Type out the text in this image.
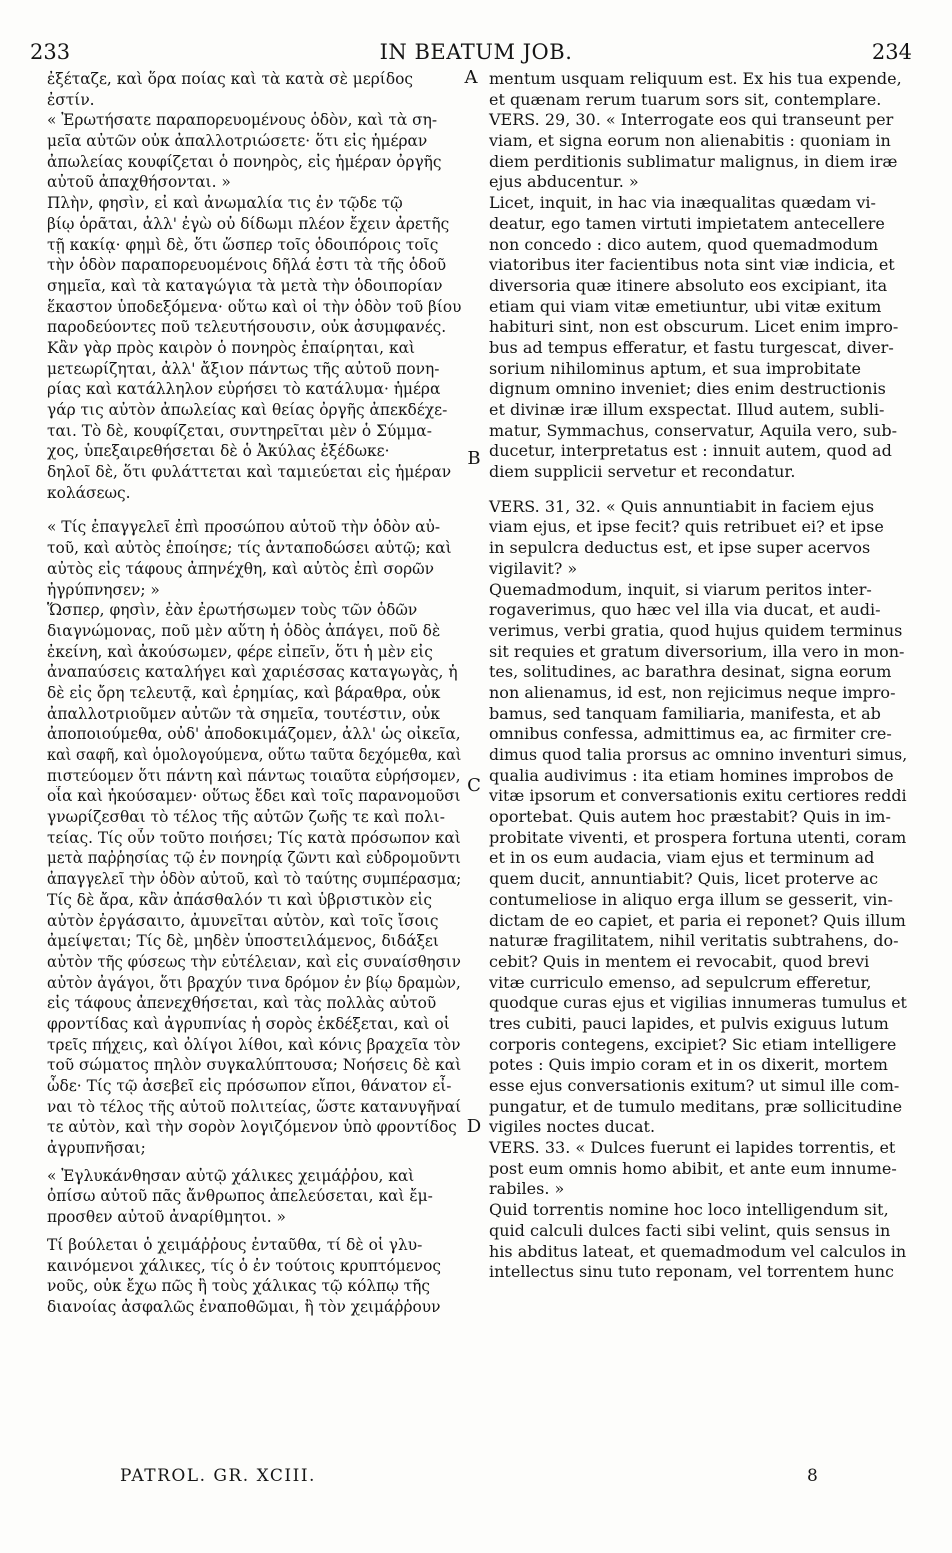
233	IN BEATUM JOB.	234
ἐξέταζε, καὶ ὅρα ποίας καὶ τὰ κατὰ σὲ μερίδος
ἐστίν.
« Ἐρωτήσατε παραπορευομένους ὁδὸν, καὶ τὰ ση-
μεῖα αὐτῶν οὐκ ἀπαλλοτριώσετε· ὅτι εἰς ἡμέραν
ἀπωλείας κουφίζεται ὁ πονηρὸς, εἰς ἡμέραν ὀργῆς
αὐτοῦ ἀπαχθήσονται. »
Πλὴν, φησὶν, εἰ καὶ ἀνωμαλία τις ἐν τῷδε τῷ
βίῳ ὁρᾶται, ἀλλ' ἐγὼ οὐ δίδωμι πλέον ἔχειν ἀρετῆς
τῇ κακίᾳ· φημὶ δὲ, ὅτι ὥσπερ τοῖς ὁδοιπόροις τοῖς
τὴν ὁδὸν παραπορευομένοις δῆλά ἐστι τὰ τῆς ὁδοῦ
σημεῖα, καὶ τὰ καταγώγια τὰ μετὰ τὴν ὁδοιπορίαν
ἕκαστον ὑποδεξόμενα· οὕτω καὶ οἱ τὴν ὁδὸν τοῦ βίου
παροδεύοντες ποῦ τελευτήσουσιν, οὐκ ἀσυμφανές.
Κἂν γὰρ πρὸς καιρὸν ὁ πονηρὸς ἐπαίρηται, καὶ
μετεωρίζηται, ἀλλ' ἄξιον πάντως τῆς αὐτοῦ πονη-
ρίας καὶ κατάλληλον εὑρήσει τὸ κατάλυμα· ἡμέρα
γάρ τις αὐτὸν ἀπωλείας καὶ θείας ὀργῆς ἀπεκδέχε-
ται. Τὸ δὲ, κουφίζεται, συντηρεῖται μὲν ὁ Σύμμα-
χος, ὑπεξαιρεθήσεται δὲ ὁ Ἀκύλας ἐξέδωκε·
δηλοῖ δὲ, ὅτι φυλάττεται καὶ ταμιεύεται εἰς ἡμέραν
κολάσεως.
« Τίς ἐπαγγελεῖ ἐπὶ προσώπου αὐτοῦ τὴν ὁδὸν αὐ-
τοῦ, καὶ αὐτὸς ἐποίησε; τίς ἀνταποδώσει αὐτῷ; καὶ
αὐτὸς εἰς τάφους ἀπηνέχθη, καὶ αὐτὸς ἐπὶ σορῶν
ἠγρύπνησεν; »
Ὥσπερ, φησὶν, ἐὰν ἐρωτήσωμεν τοὺς τῶν ὁδῶν
διαγνώμονας, ποῦ μὲν αὕτη ἡ ὁδὸς ἀπάγει, ποῦ δὲ
ἐκείνη, καὶ ἀκούσωμεν, φέρε εἰπεῖν, ὅτι ἡ μὲν εἰς
ἀναπαύσεις καταλήγει καὶ χαριέσσας καταγωγὰς, ἡ
δὲ εἰς ὄρη τελευτᾷ, καὶ ἐρημίας, καὶ βάραθρα, οὐκ
ἀπαλλοτριοῦμεν αὐτῶν τὰ σημεῖα, τουτέστιν, οὐκ
ἀποποιούμεθα, οὐδ' ἀποδοκιμάζομεν, ἀλλ' ὡς οἰκεῖα,
καὶ σαφῆ, καὶ ὁμολογούμενα, οὕτω ταῦτα δεχόμεθα, καὶ
πιστεύομεν ὅτι πάντη καὶ πάντως τοιαῦτα εὑρήσομεν,
οἷα καὶ ἠκούσαμεν· οὕτως ἔδει καὶ τοῖς παρανομοῦσι
γνωρίζεσθαι τὸ τέλος τῆς αὐτῶν ζωῆς τε καὶ πολι-
τείας. Τίς οὖν τοῦτο ποιήσει; Τίς κατὰ πρόσωπον καὶ
μετὰ παῤῥησίας τῷ ἐν πονηρίᾳ ζῶντι καὶ εὐδρομοῦντι
ἀπαγγελεῖ τὴν ὁδὸν αὐτοῦ, καὶ τὸ ταύτης συμπέρασμα;
Τίς δὲ ἄρα, κἂν ἀπάσθαλόν τι καὶ ὑβριστικὸν εἰς
αὐτὸν ἐργάσαιτο, ἀμυνεῖται αὐτὸν, καὶ τοῖς ἴσοις
ἀμείψεται; Τίς δὲ, μηδὲν ὑποστειλάμενος, διδάξει
αὐτὸν τῆς φύσεως τὴν εὐτέλειαν, καὶ εἰς συναίσθησιν
αὐτὸν ἀγάγοι, ὅτι βραχύν τινα δρόμον ἐν βίῳ δραμὼν,
εἰς τάφους ἀπενεχθήσεται, καὶ τὰς πολλὰς αὐτοῦ
φροντίδας καὶ ἀγρυπνίας ἡ σορὸς ἐκδέξεται, καὶ οἱ
τρεῖς πήχεις, καὶ ὀλίγοι λίθοι, καὶ κόνις βραχεῖα τὸν
τοῦ σώματος πηλὸν συγκαλύπτουσα; Νοήσεις δὲ καὶ
ὧδε· Τίς τῷ ἀσεβεῖ εἰς πρόσωπον εἴποι, θάνατον εἶ-
ναι τὸ τέλος τῆς αὐτοῦ πολιτείας, ὥστε κατανυγῆναί
τε αὐτὸν, καὶ τὴν σορὸν λογιζόμενον ὑπὸ φροντίδος
ἀγρυπνῆσαι;
« Ἐγλυκάνθησαν αὐτῷ χάλικες χειμάῤῥου, καὶ
ὀπίσω αὐτοῦ πᾶς ἄνθρωπος ἀπελεύσεται, καὶ ἔμ-
προσθεν αὐτοῦ ἀναρίθμητοι. »
Τί βούλεται ὁ χειμάῤῥους ἐνταῦθα, τί δὲ οἱ γλυ-
καινόμενοι χάλικες, τίς ὁ ἐν τούτοις κρυπτόμενος
νοῦς, οὐκ ἔχω πῶς ἢ τοὺς χάλικας τῷ κόλπῳ τῆς
διανοίας ἀσφαλῶς ἐναποθῶμαι, ἢ τὸν χειμάῤῥουν
A
B
C
D
mentum usquam reliquum est. Ex his tua expende,
et quænam rerum tuarum sors sit, contemplare.
VERS. 29, 30. « Interrogate eos qui transeunt per
viam, et signa eorum non alienabitis : quoniam in
diem perditionis sublimatur malignus, in diem iræ
ejus abducentur. »
Licet, inquit, in hac via inæqualitas quædam vi-
deatur, ego tamen virtuti impietatem antecellere
non concedo : dico autem, quod quemadmodum
viatoribus iter facientibus nota sint viæ indicia, et
diversoria quæ itinere absoluto eos excipiant, ita
etiam qui viam vitæ emetiuntur, ubi vitæ exitum
habituri sint, non est obscurum. Licet enim impro-
bus ad tempus efferatur, et fastu turgescat, diver-
sorium nihilominus aptum, et sua improbitate
dignum omnino inveniet; dies enim destructionis
et divinæ iræ illum exspectat. Illud autem, subli-
matur, Symmachus, conservatur, Aquila vero, sub-
ducetur, interpretatus est : innuit autem, quod ad
diem supplicii servetur et recondatur.
VERS. 31, 32. « Quis annuntiabit in faciem ejus
viam ejus, et ipse fecit? quis retribuet ei? et ipse
in sepulcra deductus est, et ipse super acervos
vigilavit? »
Quemadmodum, inquit, si viarum peritos inter-
rogaverimus, quo hæc vel illa via ducat, et audi-
verimus, verbi gratia, quod hujus quidem terminus
sit requies et gratum diversorium, illa vero in mon-
tes, solitudines, ac barathra desinat, signa eorum
non alienamus, id est, non rejicimus neque impro-
bamus, sed tanquam familiaria, manifesta, et ab
omnibus confessa, admittimus ea, ac firmiter cre-
dimus quod talia prorsus ac omnino inventuri simus,
qualia audivimus : ita etiam homines improbos de
vitæ ipsorum et conversationis exitu certiores reddi
oportebat. Quis autem hoc præstabit? Quis in im-
probitate viventi, et prospera fortuna utenti, coram
et in os eum audacia, viam ejus et terminum ad
quem ducit, annuntiabit? Quis, licet proterve ac
contumeliose in aliquo erga illum se gesserit, vin-
dictam de eo capiet, et paria ei reponet? Quis illum
naturæ fragilitatem, nihil veritatis subtrahens, do-
cebit? Quis in mentem ei revocabit, quod brevi
vitæ curriculo emenso, ad sepulcrum efferetur,
quodque curas ejus et vigilias innumeras tumulus et
tres cubiti, pauci lapides, et pulvis exiguus lutum
corporis contegens, excipiet? Sic etiam intelligere
potes : Quis impio coram et in os dixerit, mortem
esse ejus conversationis exitum? ut simul ille com-
pungatur, et de tumulo meditans, præ sollicitudine
vigiles noctes ducat.
VERS. 33. « Dulces fuerunt ei lapides torrentis, et
post eum omnis homo abibit, et ante eum innume-
rabiles. »
Quid torrentis nomine hoc loco intelligendum sit,
quid calculi dulces facti sibi velint, quis sensus in
his abditus lateat, et quemadmodum vel calculos in
intellectus sinu tuto reponam, vel torrentem hunc
PATROL. GR. XCIII.	8
